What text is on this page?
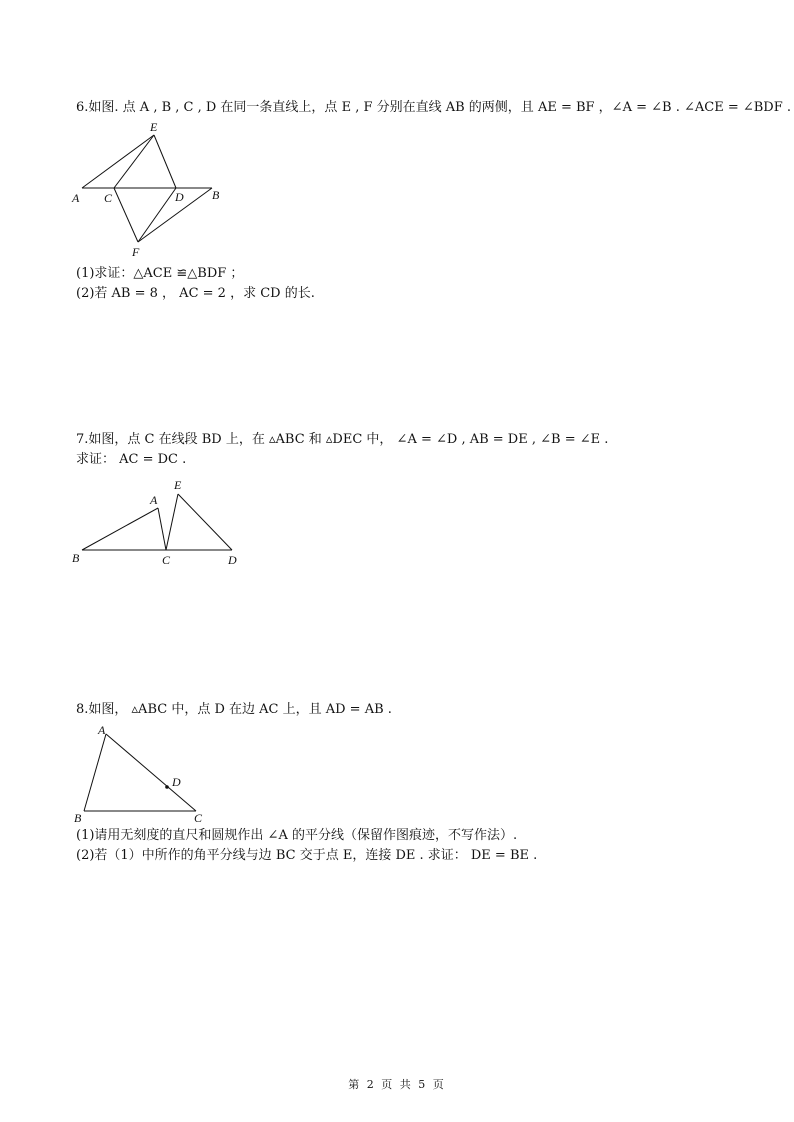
6.如图. 点 A , B , C , D 在同一条直线上，点 E , F 分别在直线 AB 的两侧，且 AE = BF ，∠A = ∠B . ∠ACE = ∠BDF .
E
A C	D B
F
(1)求证：△ACE ≌△BDF ；
(2)若 AB = 8 ， AC = 2 ，求 CD 的长.
7.如图，点 C 在线段 BD 上，在 ▵ABC 和 ▵DEC 中， ∠A = ∠D , AB = DE , ∠B = ∠E .
求证： AC = DC .
A
E
B	C	D
8.如图， ▵ABC 中，点 D 在边 AC 上，且 AD = AB .
A
D
B	C
(1)请用无刻度的直尺和圆规作出 ∠A 的平分线（保留作图痕迹，不写作法）.
(2)若（1）中所作的角平分线与边 BC 交于点 E，连接 DE . 求证： DE = BE .
第 2 页 共 5 页
